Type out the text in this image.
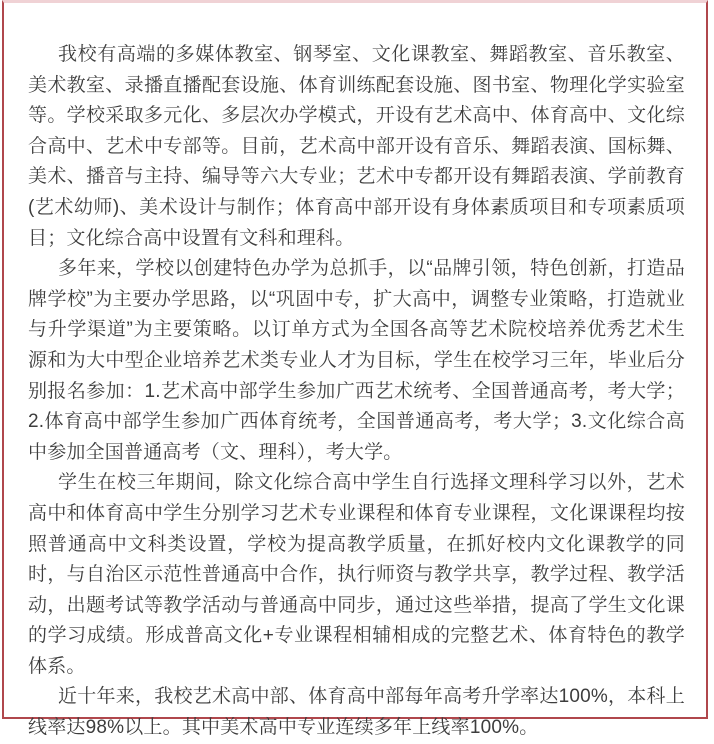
我校有高端的多媒体教室、钢琴室、文化课教室、舞蹈教室、音乐教室、美术教室、录播直播配套设施、体育训练配套设施、图书室、物理化学实验室等。学校采取多元化、多层次办学模式，开设有艺术高中、体育高中、文化综合高中、艺术中专部等。目前，艺术高中部开设有音乐、舞蹈表演、国标舞、美术、播音与主持、编导等六大专业；艺术中专都开设有舞蹈表演、学前教育(艺术幼师)、美术设计与制作；体育高中部开设有身体素质项目和专项素质项目；文化综合高中设置有文科和理科。

多年来，学校以创建特色办学为总抓手，以“品牌引领，特色创新，打造品牌学校”为主要办学思路，以“巩固中专，扩大高中，调整专业策略，打造就业与升学渠道”为主要策略。以订单方式为全国各高等艺术院校培养优秀艺术生源和为大中型企业培养艺术类专业人才为目标，学生在校学习三年，毕业后分别报名参加：1.艺术高中部学生参加广西艺术统考、全国普通高考，考大学；2.体育高中部学生参加广西体育统考，全国普通高考，考大学；3.文化综合高中参加全国普通高考（文、理科），考大学。

学生在校三年期间，除文化综合高中学生自行选择文理科学习以外，艺术高中和体育高中学生分别学习艺术专业课程和体育专业课程，文化课课程均按照普通高中文科类设置，学校为提高教学质量，在抓好校内文化课教学的同时，与自治区示范性普通高中合作，执行师资与教学共享，教学过程、教学活动，出题考试等教学活动与普通高中同步，通过这些举措，提高了学生文化课的学习成绩。形成普高文化+专业课程相辅相成的完整艺术、体育特色的教学体系。

近十年来，我校艺术高中部、体育高中部每年高考升学率达100%，本科上线率达98%以上。其中美术高中专业连续多年上线率100%。
